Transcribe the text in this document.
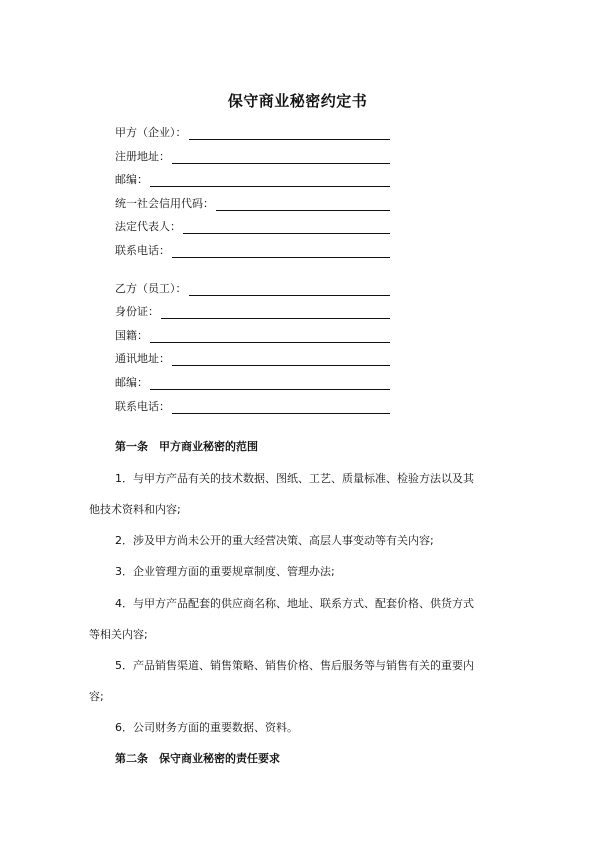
保守商业秘密约定书
甲方（企业）：
注册地址：
邮编：
统一社会信用代码：
法定代表人：
联系电话：
乙方（员工）：
身份证：
国籍：
通讯地址：
邮编：
联系电话：
第一条　甲方商业秘密的范围
1．与甲方产品有关的技术数据、图纸、工艺、质量标准、检验方法以及其
他技术资料和内容;
2．涉及甲方尚未公开的重大经营决策、高层人事变动等有关内容;
3．企业管理方面的重要规章制度、管理办法;
4．与甲方产品配套的供应商名称、地址、联系方式、配套价格、供货方式
等相关内容;
5．产品销售渠道、销售策略、销售价格、售后服务等与销售有关的重要内
容;
6．公司财务方面的重要数据、资料。
第二条　保守商业秘密的责任要求
